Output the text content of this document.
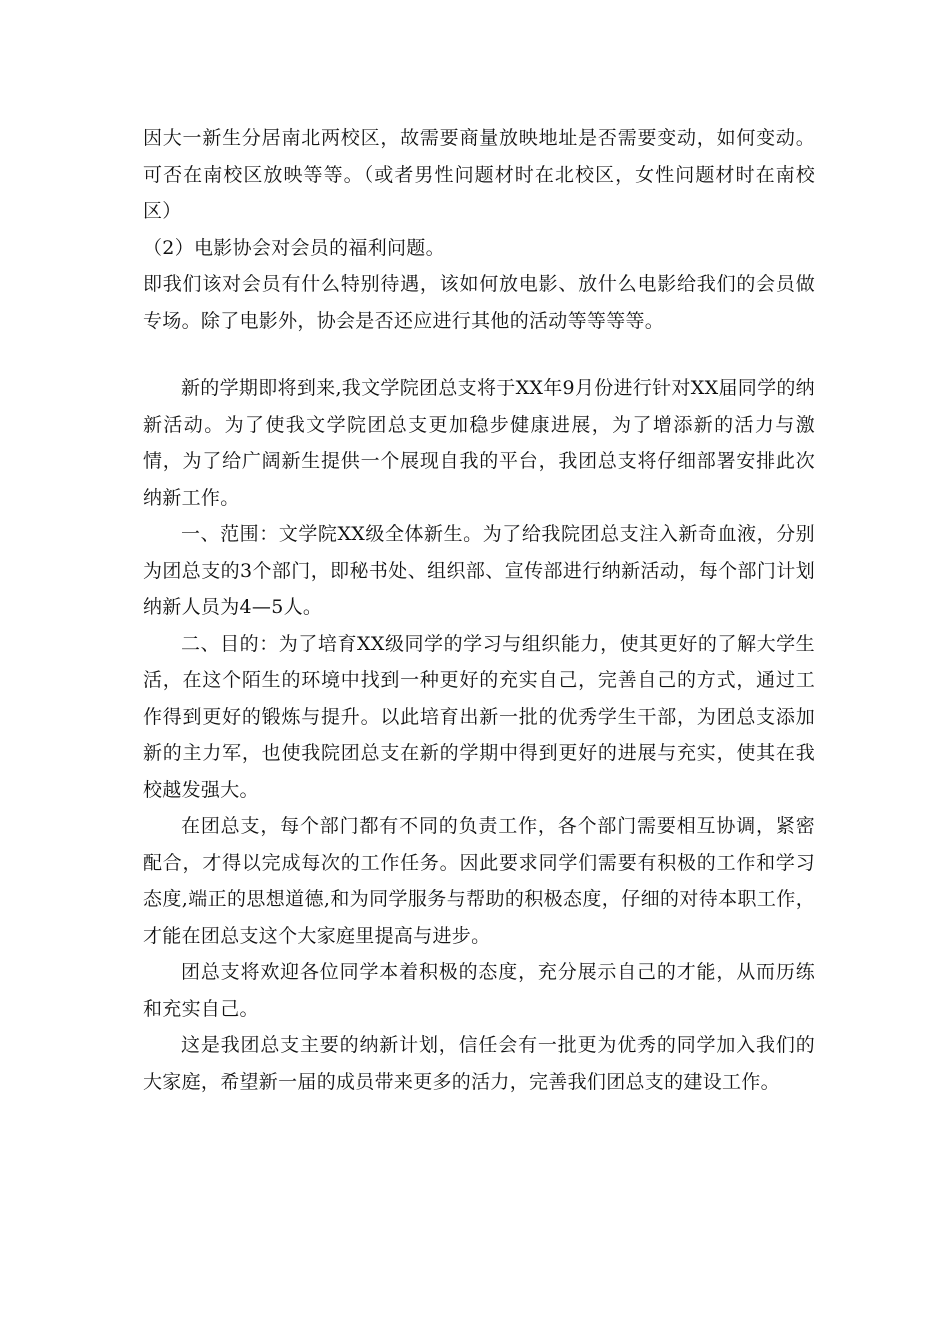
因大一新生分居南北两校区，故需要商量放映地址是否需要变动，如何变动。可否在南校区放映等等。（或者男性问题材时在北校区，女性问题材时在南校区）

（2）电影协会对会员的福利问题。

即我们该对会员有什么特别待遇，该如何放电影、放什么电影给我们的会员做专场。除了电影外，协会是否还应进行其他的活动等等等等。

新的学期即将到来,我文学院团总支将于XX年9月份进行针对XX届同学的纳新活动。为了使我文学院团总支更加稳步健康进展，为了增添新的活力与激情，为了给广阔新生提供一个展现自我的平台，我团总支将仔细部署安排此次纳新工作。

一、范围：文学院XX级全体新生。为了给我院团总支注入新奇血液，分别为团总支的3个部门，即秘书处、组织部、宣传部进行纳新活动，每个部门计划纳新人员为4—5人。

二、目的：为了培育XX级同学的学习与组织能力，使其更好的了解大学生活，在这个陌生的环境中找到一种更好的充实自己，完善自己的方式，通过工作得到更好的锻炼与提升。以此培育出新一批的优秀学生干部，为团总支添加新的主力军，也使我院团总支在新的学期中得到更好的进展与充实，使其在我校越发强大。

在团总支，每个部门都有不同的负责工作，各个部门需要相互协调，紧密配合，才得以完成每次的工作任务。因此要求同学们需要有积极的工作和学习态度,端正的思想道德,和为同学服务与帮助的积极态度，仔细的对待本职工作，才能在团总支这个大家庭里提高与进步。

团总支将欢迎各位同学本着积极的态度，充分展示自己的才能，从而历练和充实自己。

这是我团总支主要的纳新计划，信任会有一批更为优秀的同学加入我们的大家庭，希望新一届的成员带来更多的活力，完善我们团总支的建设工作。
